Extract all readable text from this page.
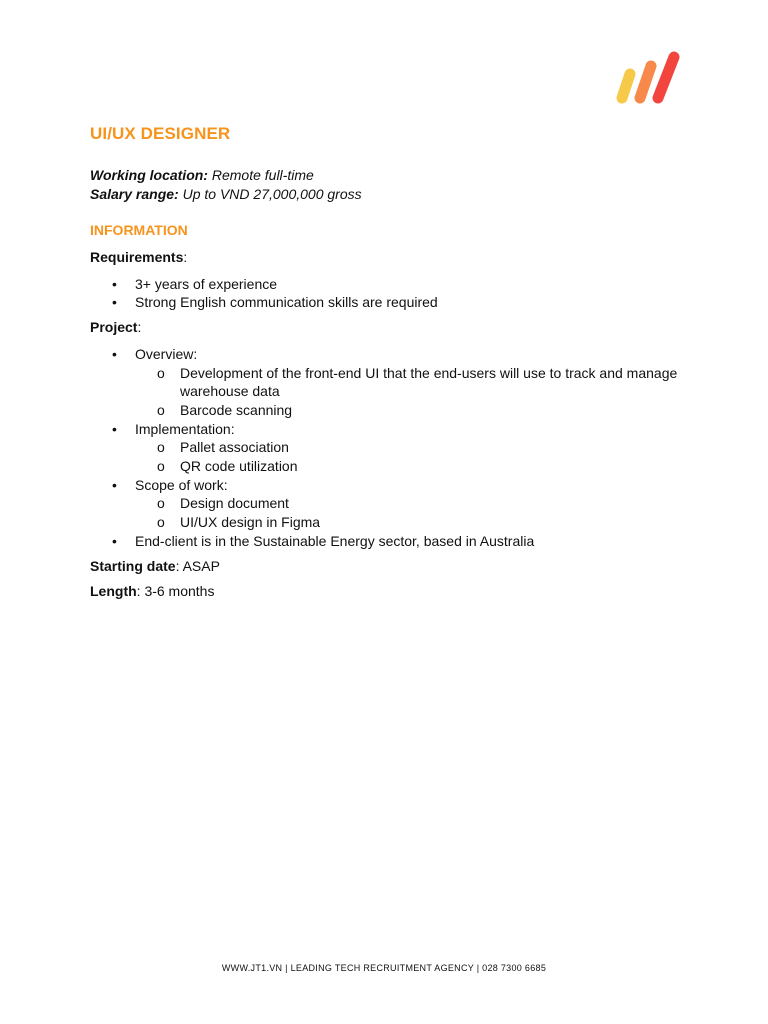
UI/UX DESIGNER
Working location: Remote full-time
Salary range: Up to VND 27,000,000 gross
INFORMATION

Requirements:

• 3+ years of experience
• Strong English communication skills are required

Project:

• Overview:
o Development of the front-end UI that the end-users will use to track and manage warehouse data
o Barcode scanning
• Implementation:
o Pallet association
o QR code utilization
• Scope of work:
o Design document
o UI/UX design in Figma
• End-client is in the Sustainable Energy sector, based in Australia

Starting date: ASAP

Length: 3-6 months

WWW.JT1.VN | LEADING TECH RECRUITMENT AGENCY | 028 7300 6685
